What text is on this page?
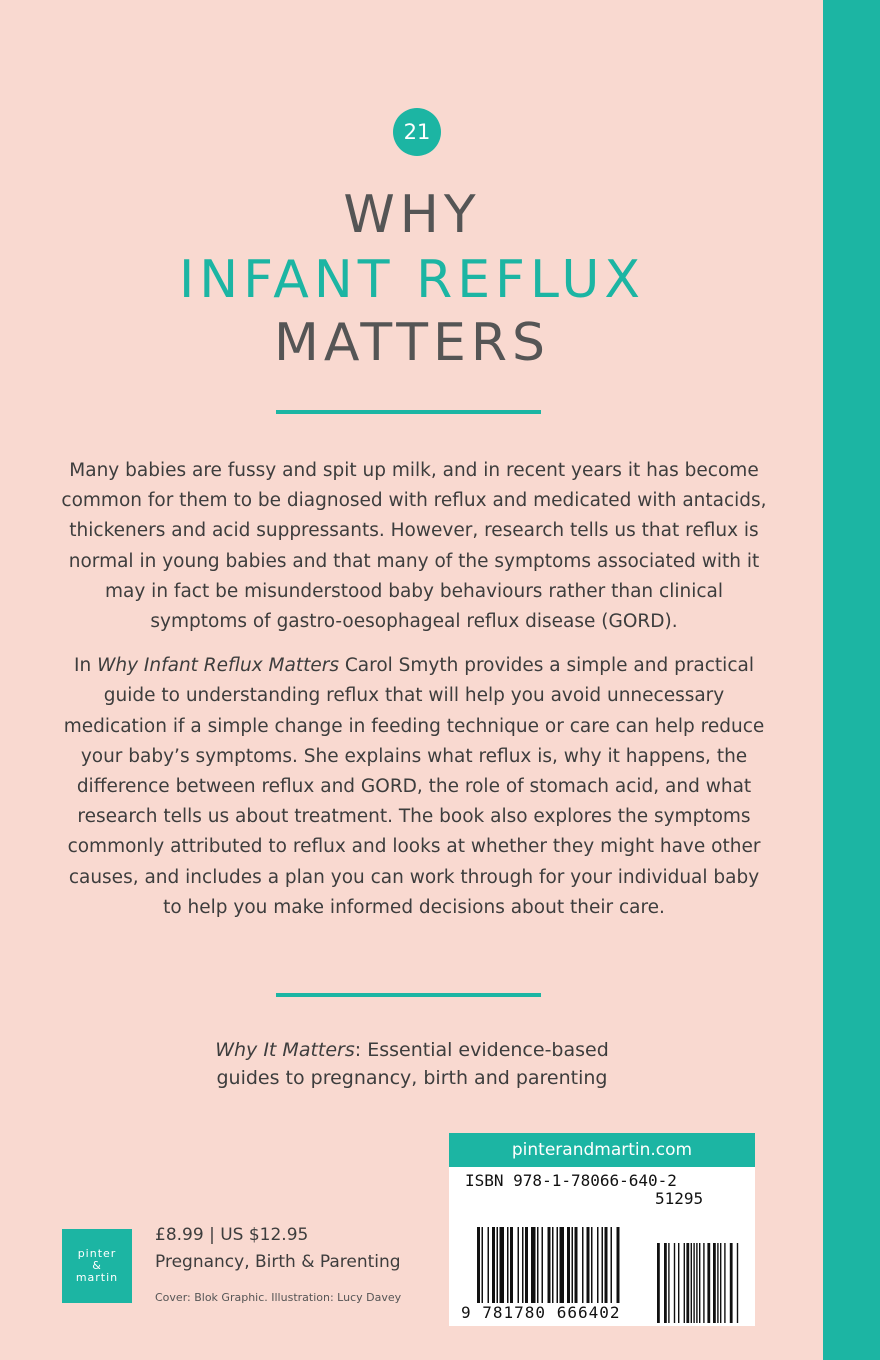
21
WHY
INFANT REFLUX
MATTERS

Many babies are fussy and spit up milk, and in recent years it has become common for them to be diagnosed with reflux and medicated with antacids, thickeners and acid suppressants. However, research tells us that reflux is normal in young babies and that many of the symptoms associated with it may in fact be misunderstood baby behaviours rather than clinical symptoms of gastro-oesophageal reflux disease (GORD).

In Why Infant Reflux Matters Carol Smyth provides a simple and practical guide to understanding reflux that will help you avoid unnecessary medication if a simple change in feeding technique or care can help reduce your baby’s symptoms. She explains what reflux is, why it happens, the difference between reflux and GORD, the role of stomach acid, and what research tells us about treatment. The book also explores the symptoms commonly attributed to reflux and looks at whether they might have other causes, and includes a plan you can work through for your individual baby to help you make informed decisions about their care.

Why It Matters: Essential evidence-based
guides to pregnancy, birth and parenting
pinter
&
martin
£8.99 | US $12.95
Pregnancy, Birth & Parenting
Cover: Blok Graphic. Illustration: Lucy Davey
pinterandmartin.com
ISBN 978-1-78066-640-2
51295
9 781780 666402
